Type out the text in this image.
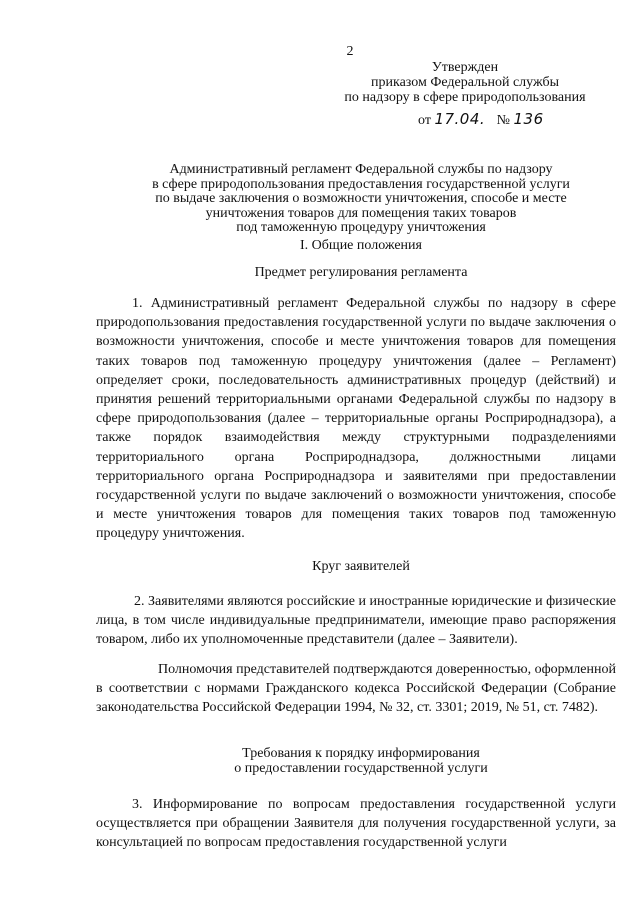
2
Утвержден
приказом Федеральной службы
по надзору в сфере природопользования
от 17.04. № 136
Административный регламент Федеральной службы по надзору
в сфере природопользования предоставления государственной услуги
по выдаче заключения о возможности уничтожения, способе и месте
уничтожения товаров для помещения таких товаров
под таможенную процедуру уничтожения
I. Общие положения
Предмет регулирования регламента
1. Административный регламент Федеральной службы по надзору в сфере природопользования предоставления государственной услуги по выдаче заключения о возможности уничтожения, способе и месте уничтожения товаров для помещения таких товаров под таможенную процедуру уничтожения (далее – Регламент) определяет сроки, последовательность административных процедур (действий) и принятия решений территориальными органами Федеральной службы по надзору в сфере природопользования (далее – территориальные органы Росприроднадзора), а также порядок взаимодействия между структурными подразделениями территориального органа Росприроднадзора, должностными лицами территориального органа Росприроднадзора и заявителями при предоставлении государственной услуги по выдаче заключений о возможности уничтожения, способе и месте уничтожения товаров для помещения таких товаров под таможенную процедуру уничтожения.
Круг заявителей
2. Заявителями являются российские и иностранные юридические и физические лица, в том числе индивидуальные предприниматели, имеющие право распоряжения товаром, либо их уполномоченные представители (далее – Заявители).
Полномочия представителей подтверждаются доверенностью, оформленной в соответствии с нормами Гражданского кодекса Российской Федерации (Собрание законодательства Российской Федерации 1994, № 32, ст. 3301; 2019, № 51, ст. 7482).
Требования к порядку информирования
о предоставлении государственной услуги
3. Информирование по вопросам предоставления государственной услуги осуществляется при обращении Заявителя для получения государственной услуги, за консультацией по вопросам предоставления государственной услуги
